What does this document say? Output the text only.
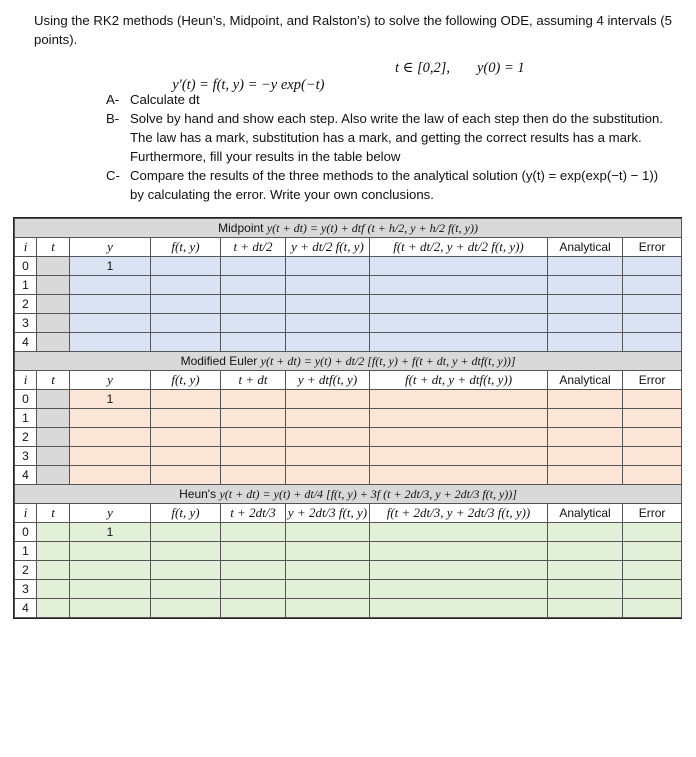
Using the RK2 methods (Heun’s, Midpoint, and Ralston’s) to solve the following ODE, assuming 4 intervals (5 points).

y′(t) = f(t, y) = −y exp(−t)

t ∈ [0,2],

y(0) = 1

A- Calculate dt
B- Solve by hand and show each step. Also write the law of each step then do the substitution. The law has a mark, substitution has a mark, and getting the correct results has a mark. Furthermore, fill your results in the table below
C- Compare the results of the three methods to the analytical solution (y(t) = exp(exp(−t) − 1)) by calculating the error. Write your own conclusions.
Midpoint y(t + dt) = y(t) + dtf (t + h/2, y + h/2 f(t, y))								
i	t	y	f(t, y)	t + dt/2	y + dt/2 f(t, y)	f(t + dt/2, y + dt/2 f(t, y))	Analytical	Error
0		1						
1								
2								
3								
4								
Modified Euler y(t + dt) = y(t) + dt/2 [f(t, y) + f(t + dt, y + dtf(t, y))]								
i	t	y	f(t, y)	t + dt	y + dtf(t, y)	f(t + dt, y + dtf(t, y))	Analytical	Error
0		1						
1								
2								
3								
4								
Heun's y(t + dt) = y(t) + dt/4 [f(t, y) + 3f (t + 2dt/3, y + 2dt/3 f(t, y))]								
i	t	y	f(t, y)	t + 2dt/3	y + 2dt/3 f(t, y)	f(t + 2dt/3, y + 2dt/3 f(t, y))	Analytical	Error
0		1						
1								
2								
3								
4								
